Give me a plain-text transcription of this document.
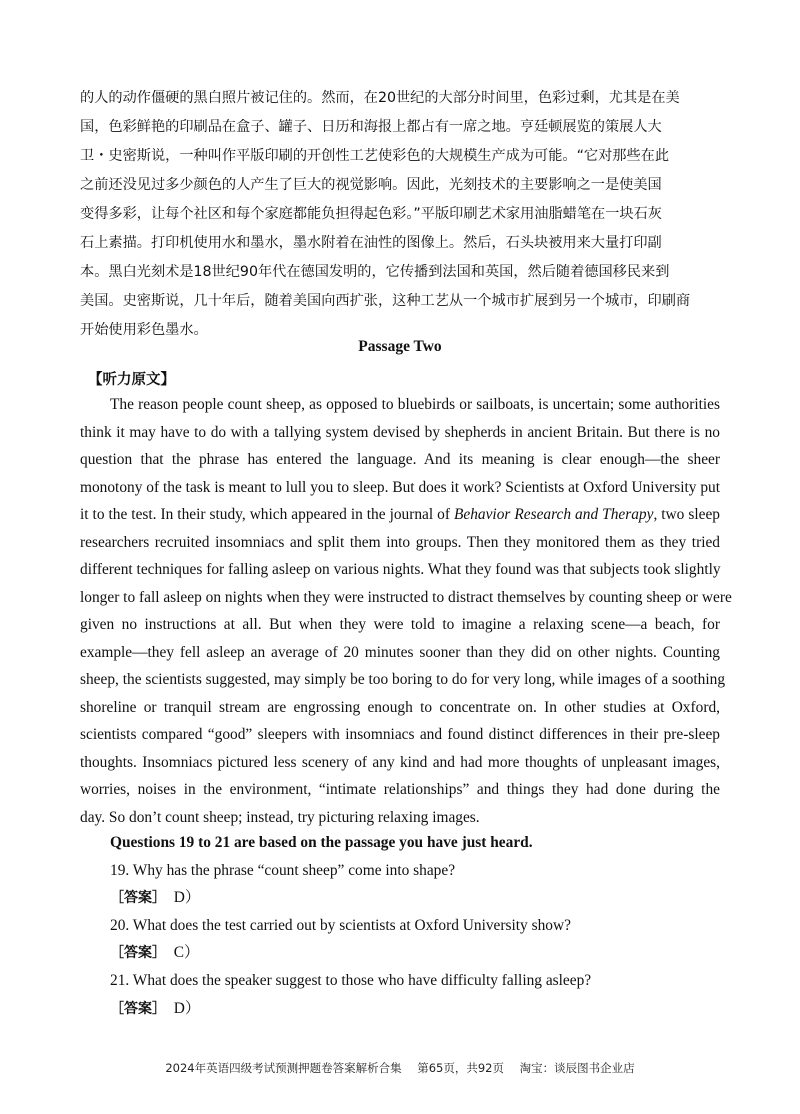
的人的动作僵硬的黑白照片被记住的。然而，在20世纪的大部分时间里，色彩过剩，尤其是在美
国，色彩鲜艳的印刷品在盒子、罐子、日历和海报上都占有一席之地。亨廷顿展览的策展人大
卫・史密斯说，一种叫作平版印刷的开创性工艺使彩色的大规模生产成为可能。“它对那些在此
之前还没见过多少颜色的人产生了巨大的视觉影响。因此，光刻技术的主要影响之一是使美国
变得多彩，让每个社区和每个家庭都能负担得起色彩。”平版印刷艺术家用油脂蜡笔在一块石灰
石上素描。打印机使用水和墨水，墨水附着在油性的图像上。然后，石头块被用来大量打印副
本。黑白光刻术是18世纪90年代在德国发明的，它传播到法国和英国，然后随着德国移民来到
美国。史密斯说，几十年后，随着美国向西扩张，这种工艺从一个城市扩展到另一个城市，印刷商
开始使用彩色墨水。
Passage Two
【听力原文】
The reason people count sheep, as opposed to bluebirds or sailboats, is uncertain; some authorities
think it may have to do with a tallying system devised by shepherds in ancient Britain. But there is no
question that the phrase has entered the language. And its meaning is clear enough—the sheer
monotony of the task is meant to lull you to sleep. But does it work? Scientists at Oxford University put
it to the test. In their study, which appeared in the journal of Behavior Research and Therapy, two sleep
researchers recruited insomniacs and split them into groups. Then they monitored them as they tried
different techniques for falling asleep on various nights. What they found was that subjects took slightly
longer to fall asleep on nights when they were instructed to distract themselves by counting sheep or were
given no instructions at all. But when they were told to imagine a relaxing scene—a beach, for
example—they fell asleep an average of 20 minutes sooner than they did on other nights. Counting
sheep, the scientists suggested, may simply be too boring to do for very long, while images of a soothing
shoreline or tranquil stream are engrossing enough to concentrate on. In other studies at Oxford,
scientists compared “good” sleepers with insomniacs and found distinct differences in their pre-sleep
thoughts. Insomniacs pictured less scenery of any kind and had more thoughts of unpleasant images,
worries, noises in the environment, “intimate relationships” and things they had done during the
day. So don’t count sheep; instead, try picturing relaxing images.
Questions 19 to 21 are based on the passage you have just heard.
19. Why has the phrase “count sheep” come into shape?
［答案］ D）
20. What does the test carried out by scientists at Oxford University show?
［答案］ C）
21. What does the speaker suggest to those who have difficulty falling asleep?
［答案］ D）
2024年英语四级考试预测押题卷答案解析合集 第65页，共92页 淘宝：谈辰图书企业店
